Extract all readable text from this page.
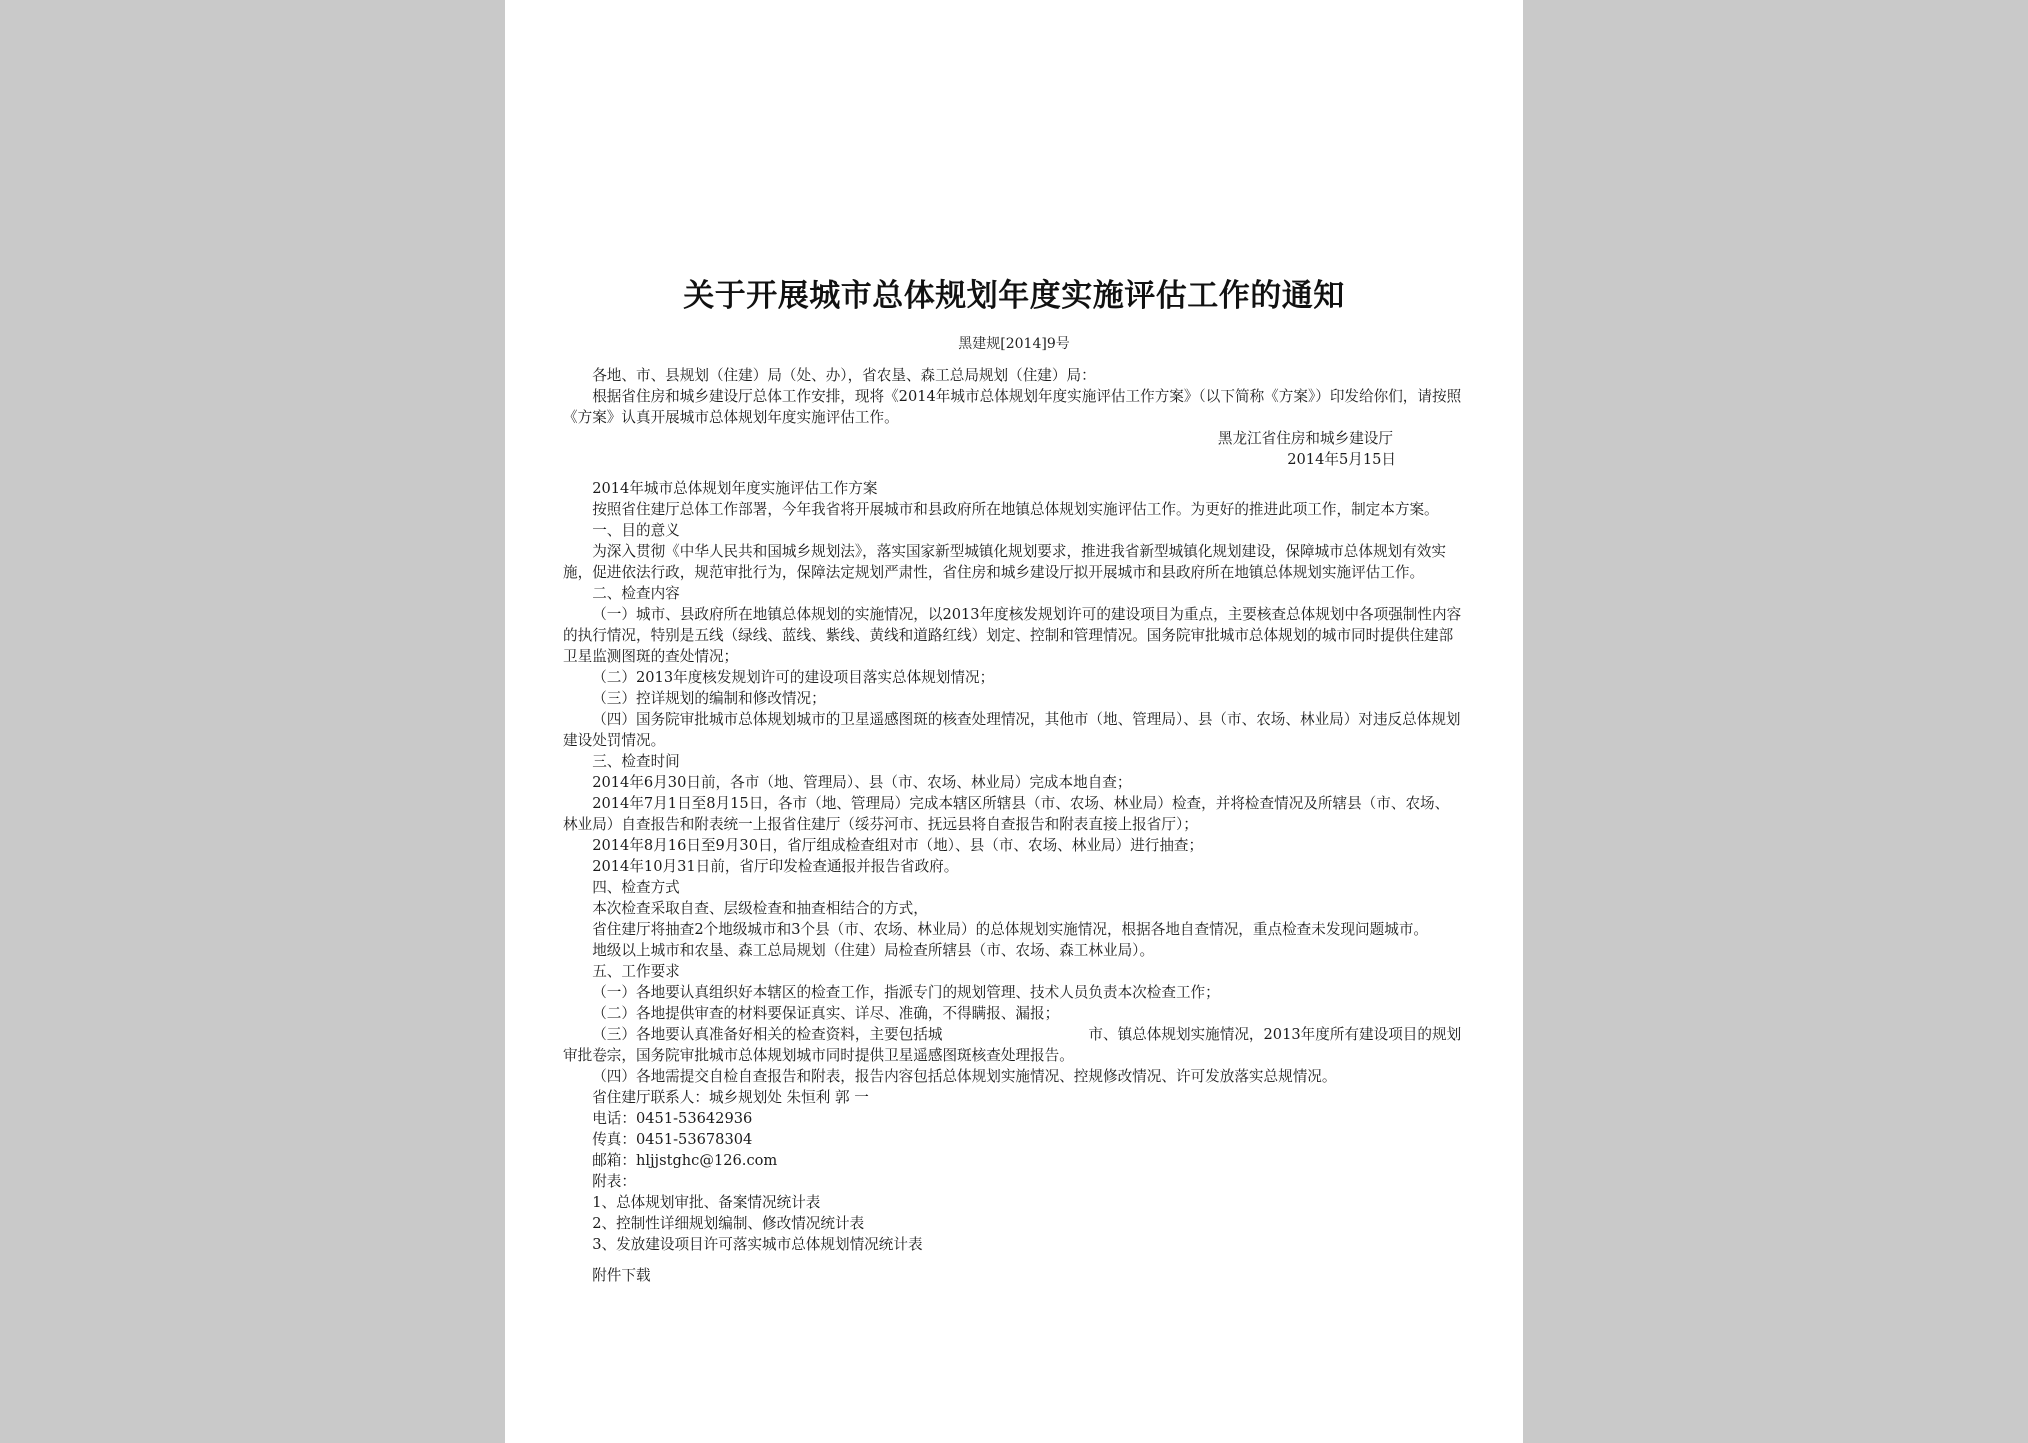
关于开展城市总体规划年度实施评估工作的通知
黑建规[2014]9号

各地、市、县规划（住建）局（处、办），省农垦、森工总局规划（住建）局：

根据省住房和城乡建设厅总体工作安排，现将《2014年城市总体规划年度实施评估工作方案》（以下简称《方案》）印发给你们，请按照《方案》认真开展城市总体规划年度实施评估工作。

黑龙江省住房和城乡建设厅

2014年5月15日

2014年城市总体规划年度实施评估工作方案

按照省住建厅总体工作部署，今年我省将开展城市和县政府所在地镇总体规划实施评估工作。为更好的推进此项工作，制定本方案。

一、目的意义

为深入贯彻《中华人民共和国城乡规划法》，落实国家新型城镇化规划要求，推进我省新型城镇化规划建设，保障城市总体规划有效实施，促进依法行政，规范审批行为，保障法定规划严肃性，省住房和城乡建设厅拟开展城市和县政府所在地镇总体规划实施评估工作。

二、检查内容

（一）城市、县政府所在地镇总体规划的实施情况，以2013年度核发规划许可的建设项目为重点，主要核查总体规划中各项强制性内容的执行情况，特别是五线（绿线、蓝线、紫线、黄线和道路红线）划定、控制和管理情况。国务院审批城市总体规划的城市同时提供住建部卫星监测图斑的查处情况；

（二）2013年度核发规划许可的建设项目落实总体规划情况；

（三）控详规划的编制和修改情况；

（四）国务院审批城市总体规划城市的卫星遥感图斑的核查处理情况，其他市（地、管理局）、县（市、农场、林业局）对违反总体规划建设处罚情况。

三、检查时间

2014年6月30日前，各市（地、管理局）、县（市、农场、林业局）完成本地自查；

2014年7月1日至8月15日，各市（地、管理局）完成本辖区所辖县（市、农场、林业局）检查，并将检查情况及所辖县（市、农场、林业局）自查报告和附表统一上报省住建厅（绥芬河市、抚远县将自查报告和附表直接上报省厅）；

2014年8月16日至9月30日，省厅组成检查组对市（地）、县（市、农场、林业局）进行抽查；

2014年10月31日前，省厅印发检查通报并报告省政府。

四、检查方式

本次检查采取自查、层级检查和抽查相结合的方式，

省住建厅将抽查2个地级城市和3个县（市、农场、林业局）的总体规划实施情况，根据各地自查情况，重点检查未发现问题城市。

地级以上城市和农垦、森工总局规划（住建）局检查所辖县（市、农场、森工林业局）。

五、工作要求

（一）各地要认真组织好本辖区的检查工作，指派专门的规划管理、技术人员负责本次检查工作；

（二）各地提供审查的材料要保证真实、详尽、准确，不得瞒报、漏报；

（三）各地要认真准备好相关的检查资料，主要包括城　　　　　　　　　　市、镇总体规划实施情况，2013年度所有建设项目的规划审批卷宗，国务院审批城市总体规划城市同时提供卫星遥感图斑核查处理报告。

（四）各地需提交自检自查报告和附表，报告内容包括总体规划实施情况、控规修改情况、许可发放落实总规情况。

省住建厅联系人：城乡规划处 朱恒利 郭 一

电话：0451-53642936

传真：0451-53678304

邮箱：hljjstghc@126.com

附表：

1、总体规划审批、备案情况统计表

2、控制性详细规划编制、修改情况统计表

3、发放建设项目许可落实城市总体规划情况统计表

附件下载
